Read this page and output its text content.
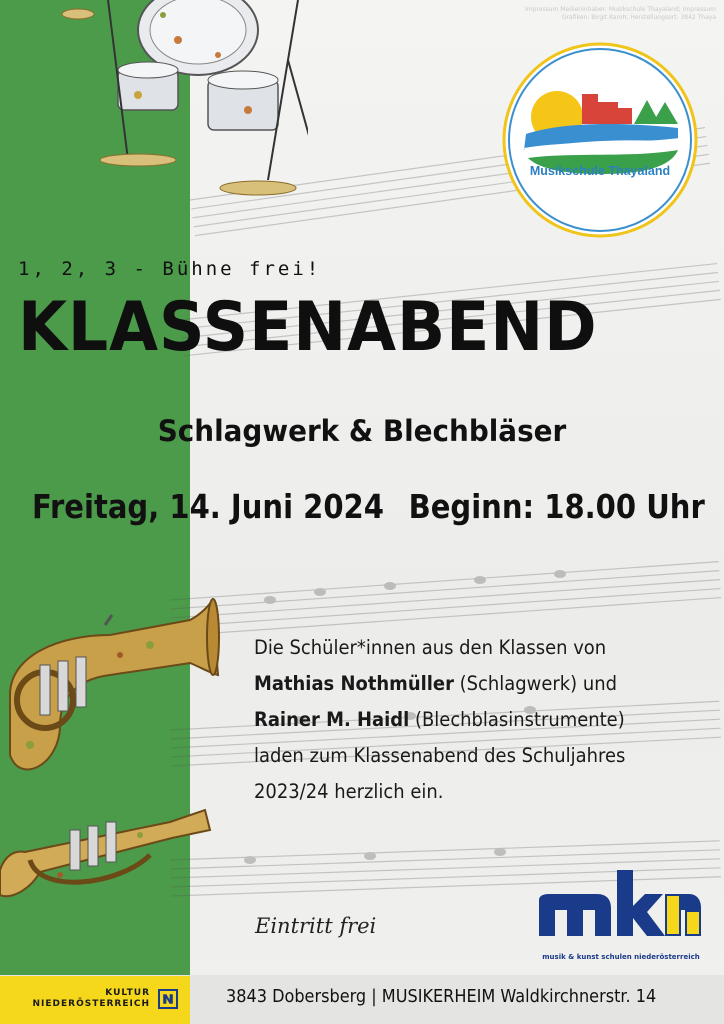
Impressum Medieninhaber: Musikschule Thayaland; Impressum Grafiken: Birgit Karoh; Herstellungsort: 3842 Thaya
Musikschule Thayaland
1, 2, 3 - Bühne frei!
KLASSENABEND
Schlagwerk & Blechbläser
Freitag, 14. Juni 2024 Beginn: 18.00 Uhr
Die Schüler*innen aus den Klassen von
Mathias Nothmüller (Schlagwerk) und
Rainer M. Haidl (Blechblasinstrumente)
laden zum Klassenabend des Schuljahres
2023/24 herzlich ein.
Eintritt frei
musik & kunst schulen niederösterreich
KULTUR
NIEDERÖSTERREICH	3843 Dobersberg | MUSIKERHEIM Waldkirchnerstr. 14
